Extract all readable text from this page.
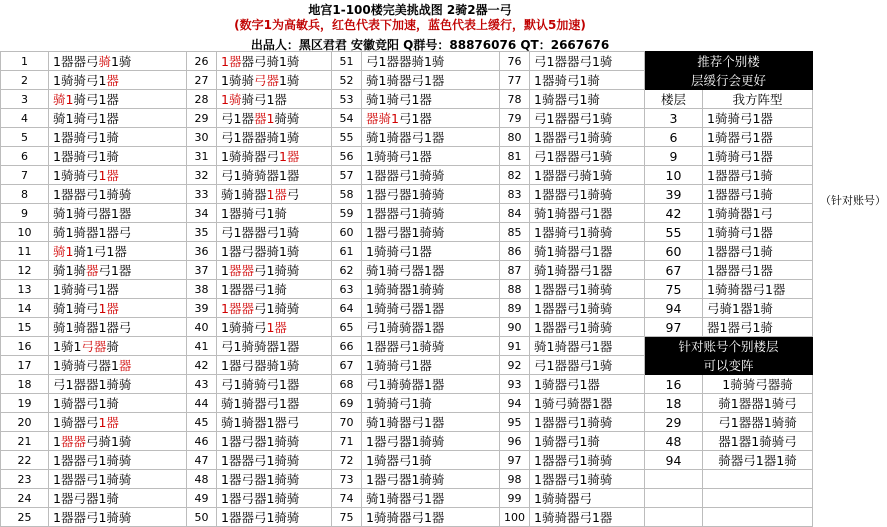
地宫1-100楼完美挑战图 2骑2器一弓
(数字1为高敏兵，红色代表下加速，蓝色代表上缓行，默认5加速)
出品人：黑区君君 安徽竞阳 Q群号：88876076 QT：2667676
1	1器器弓骑1骑	26	1器器弓骑1骑	51	弓1器器骑1骑	76	弓1器器弓1骑	推荐个别楼	
2	1骑骑弓1器	27	1骑骑弓器1骑	52	骑1骑器弓1器	77	1器骑弓1骑	层缓行会更好	
3	骑1骑弓1器	28	1骑骑弓1器	53	骑1骑弓1器	78	1骑器弓1骑	楼层	我方阵型
4	骑1骑弓1器	29	弓1器器1骑骑	54	器骑1弓1器	79	弓1器器弓1骑	3	1骑骑弓1器
5	1器骑弓1骑	30	弓1器器骑1骑	55	骑1骑器弓1器	80	1器器弓1骑骑	6	1骑器弓1器
6	1器骑弓1骑	31	1骑骑器弓1器	56	1骑骑弓1器	81	弓1器器弓1骑	9	1骑骑弓1器
7	1骑骑弓1器	32	弓1骑骑器1器	57	1器器弓1骑骑	82	1器器弓骑1骑	10	1器器弓1骑
8	1器器弓1骑骑	33	骑1骑器1器弓	58	1器弓器1骑骑	83	1器器弓1骑骑	39	1器器弓1骑
9	骑1骑弓器1器	34	1器骑弓1骑	59	1器器弓1骑骑	84	骑1骑器弓1器	42	1骑骑器1弓
10	骑1骑器1器弓	35	弓1器器弓1骑	60	1器弓器1骑骑	85	1器骑弓1骑骑	55	1骑骑弓1器
11	骑1骑1弓1器	36	1器弓器骑1骑	61	1骑骑弓1器	86	骑1骑器弓1器	60	1器器弓1骑
12	骑1骑器弓1器	37	1器器弓1骑骑	62	骑1骑弓器1器	87	骑1骑器弓1器	67	1器器弓1器
13	1骑骑弓1器	38	1器器弓1骑	63	1骑骑器1骑骑	88	1器器弓1骑骑	75	1骑骑器弓1器
14	骑1骑弓1器	39	1器器弓1骑骑	64	1骑骑弓器1器	89	1器器弓1骑骑	94	弓骑1器1骑
15	骑1骑器1器弓	40	1骑骑弓1器	65	弓1骑骑器1器	90	1器器弓1骑骑	97	器1器弓1骑
16	1骑1弓器骑	41	弓1骑骑器1器	66	1器器弓1骑骑	91	骑1骑器弓1器	针对账号个别楼层	
17	1骑骑弓器1器	42	1器弓器骑1骑	67	1骑骑弓1器	92	弓1器器弓1骑	可以变阵	
18	弓1器器1骑骑	43	弓1骑骑弓1器	68	弓1骑骑器1器	93	1骑器弓1器	16	1骑骑弓器骑
19	1骑器弓1骑	44	骑1骑器弓1器	69	1骑骑弓1骑	94	1骑弓骑器1器	18	骑1器器1骑弓
20	1骑器弓1器	45	骑1骑器1器弓	70	骑1骑器弓1器	95	1器器弓1骑骑	29	弓1器器1骑骑
21	1器器弓骑1骑	46	1器弓器1骑骑	71	1器弓器1骑骑	96	1骑器弓1骑	48	器1器1骑骑弓
22	1器器弓1骑骑	47	1器器弓1骑骑	72	1骑器弓1骑	97	1器器弓1骑骑	94	骑器弓1器1骑
23	1器器弓1骑骑	48	1器弓器1骑骑	73	1器弓器1骑骑	98	1器器弓1骑骑		
24	1器弓器1骑	49	1器弓器1骑骑	74	骑1骑器弓1器	99	1骑骑器弓		
25	1器器弓1骑骑	50	1器器弓1骑骑	75	1骑骑器弓1器	100	1骑骑器弓1器		
（针对账号）
